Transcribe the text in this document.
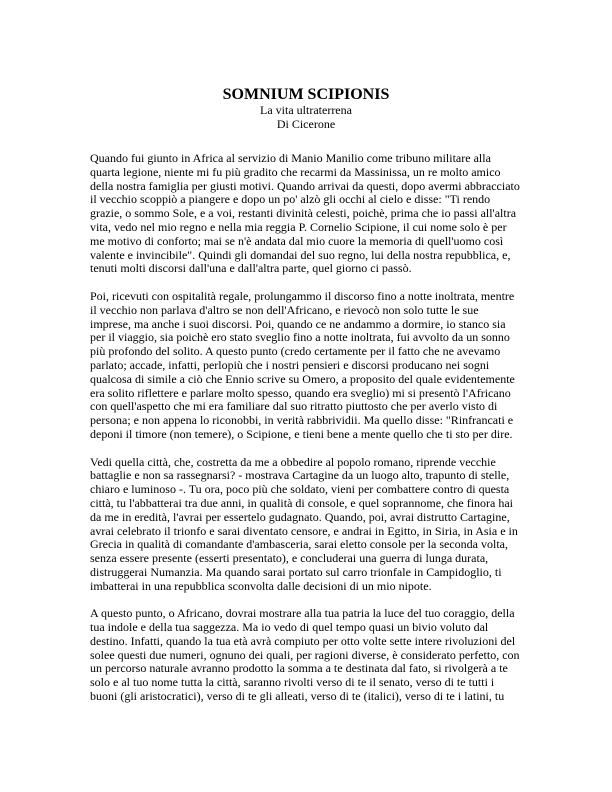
SOMNIUM SCIPIONIS
La vita ultraterrena
Di Cicerone

Quando fui giunto in Africa al servizio di Manio Manilio come tribuno militare alla
quarta legione, niente mi fu più gradito che recarmi da Massinissa, un re molto amico
della nostra famiglia per giusti motivi. Quando arrivai da questi, dopo avermi abbracciato
il vecchio scoppiò a piangere e dopo un po' alzò gli occhi al cielo e disse: "Ti rendo
grazie, o sommo Sole, e a voi, restanti divinità celesti, poichè, prima che io passi all'altra
vita, vedo nel mio regno e nella mia reggia P. Cornelio Scipione, il cui nome solo è per
me motivo di conforto; mai se n'è andata dal mio cuore la memoria di quell'uomo così
valente e invincibile". Quindi gli domandai del suo regno, lui della nostra repubblica, e,
tenuti molti discorsi dall'una e dall'altra parte, quel giorno ci passò.

Poi, ricevuti con ospitalità regale, prolungammo il discorso fino a notte inoltrata, mentre
il vecchio non parlava d'altro se non dell'Africano, e rievocò non solo tutte le sue
imprese, ma anche i suoi discorsi. Poi, quando ce ne andammo a dormire, io stanco sia
per il viaggio, sia poichè ero stato sveglio fino a notte inoltrata, fui avvolto da un sonno
più profondo del solito. A questo punto (credo certamente per il fatto che ne avevamo
parlato; accade, infatti, perlopiù che i nostri pensieri e discorsi producano nei sogni
qualcosa di simile a ciò che Ennio scrive su Omero, a proposito del quale evidentemente
era solito riflettere e parlare molto spesso, quando era sveglio) mi si presentò l'Africano
con quell'aspetto che mi era familiare dal suo ritratto piuttosto che per averlo visto di
persona; e non appena lo riconobbi, in verità rabbrividii. Ma quello disse: "Rinfrancati e
deponi il timore (non temere), o Scipione, e tieni bene a mente quello che ti sto per dire.

Vedi quella città, che, costretta da me a obbedire al popolo romano, riprende vecchie
battaglie e non sa rassegnarsi? - mostrava Cartagine da un luogo alto, trapunto di stelle,
chiaro e luminoso -. Tu ora, poco più che soldato, vieni per combattere contro di questa
città, tu l'abbatterai tra due anni, in qualità di console, e quel soprannome, che finora hai
da me in eredità, l'avrai per essertelo gudagnato. Quando, poi, avrai distrutto Cartagine,
avrai celebrato il trionfo e sarai diventato censore, e andrai in Egitto, in Siria, in Asia e in
Grecia in qualità di comandante d'ambasceria, sarai eletto console per la seconda volta,
senza essere presente (esserti presentato), e concluderai una guerra di lunga durata,
distruggerai Numanzia. Ma quando sarai portato sul carro trionfale in Campidoglio, ti
imbatterai in una repubblica sconvolta dalle decisioni di un mio nipote.

A questo punto, o Africano, dovrai mostrare alla tua patria la luce del tuo coraggio, della
tua indole e della tua saggezza. Ma io vedo di quel tempo quasi un bivio voluto dal
destino. Infatti, quando la tua età avrà compiuto per otto volte sette intere rivoluzioni del
solee questi due numeri, ognuno dei quali, per ragioni diverse, è considerato perfetto, con
un percorso naturale avranno prodotto la somma a te destinata dal fato, si rivolgerà a te
solo e al tuo nome tutta la città, saranno rivolti verso di te il senato, verso di te tutti i
buoni (gli aristocratici), verso di te gli alleati, verso di te (italici), verso di te i latini, tu
